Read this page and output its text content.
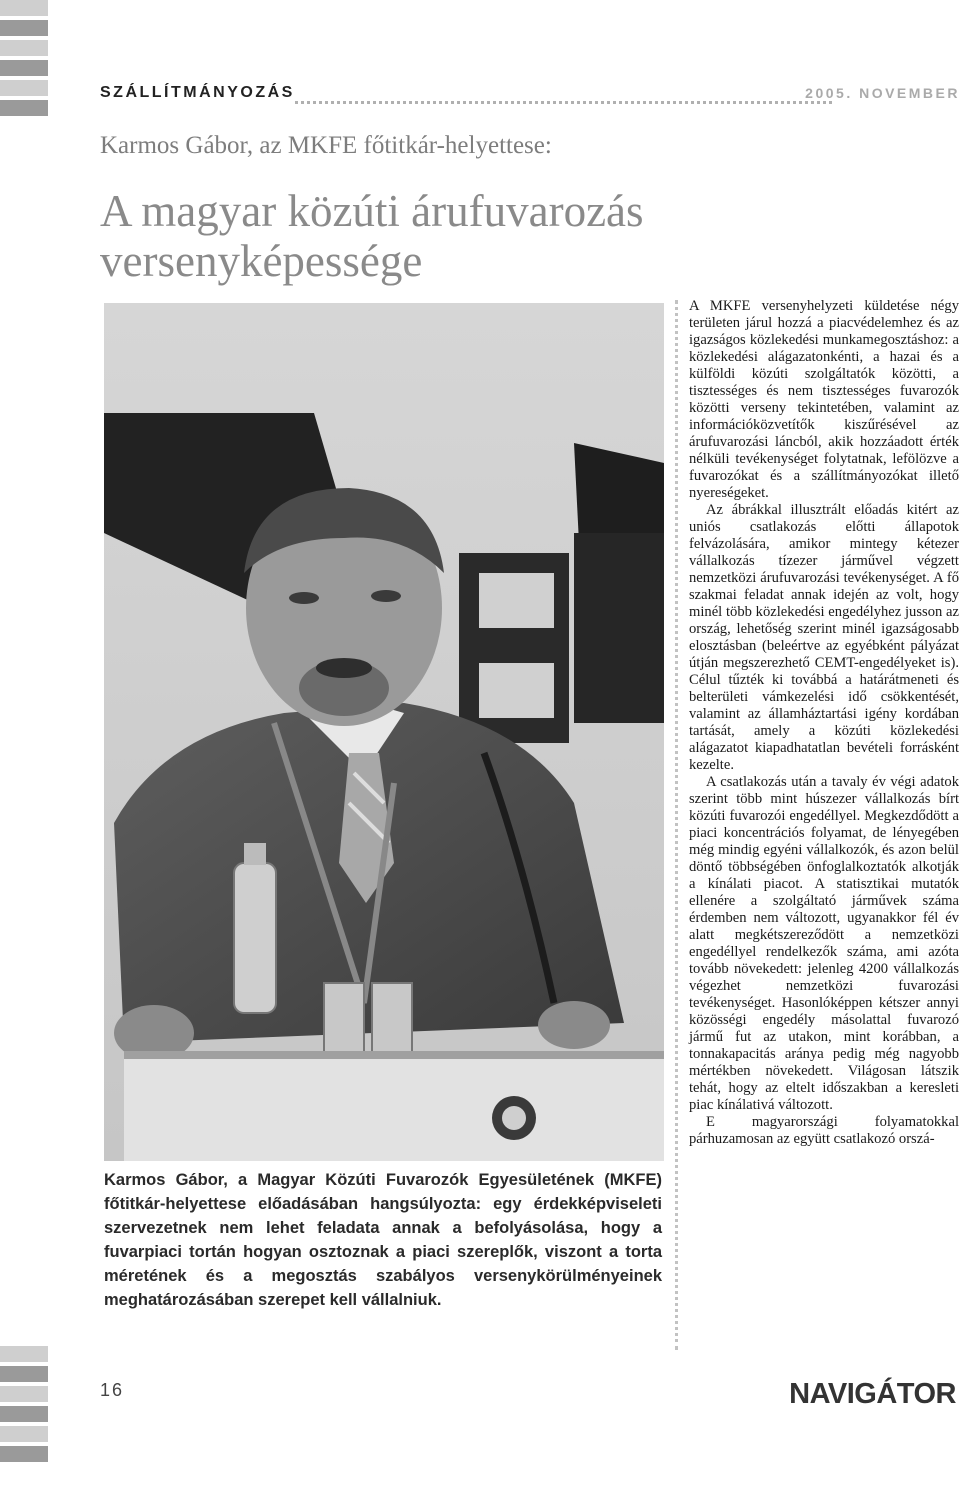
SZÁLLÍTMÁNYOZÁS	2005. NOVEMBER
Karmos Gábor, az MKFE főtitkár-helyettese:
A magyar közúti árufuvarozás versenyképessége

Karmos Gábor, a Magyar Közúti Fuvarozók Egyesületének (MKFE) főtitkár-helyettese előadásában hangsúlyozta: egy érdekképviseleti szervezetnek nem lehet feladata annak a befolyásolása, hogy a fuvarpiaci tortán hogyan osztoznak a piaci szereplők, viszont a torta méretének és a megosztás szabályos versenykörülményeinek meghatározásában szerepet kell vállalniuk.

A MKFE versenyhelyzeti küldetése négy területen járul hozzá a piacvédelemhez és az igazságos közlekedési munkamegosztáshoz: a közlekedési alágazatonkénti, a hazai és a külföldi közúti szolgáltatók közötti, a tisztességes és nem tisztességes fuvarozók közötti verseny tekintetében, valamint az információközvetítők kiszűrésével az árufuvarozási láncból, akik hozzáadott érték nélküli tevékenységet folytatnak, lefölözve a fuvarozókat és a szállítmányozókat illető nyereségeket.

Az ábrákkal illusztrált előadás kitért az uniós csatlakozás előtti állapotok felvázolására, amikor mintegy kétezer vállalkozás tízezer járművel végzett nemzetközi árufuvarozási tevékenységet. A fő szakmai feladat annak idején az volt, hogy minél több közlekedési engedélyhez jusson az ország, lehetőség szerint minél igazságosabb elosztásban (beleértve az egyébként pályázat útján megszerezhető CEMT-engedélyeket is). Célul tűzték ki továbbá a határátmeneti és belterületi vámkezelési idő csökkentését, valamint az államháztartási igény kordában tartását, amely a közúti közlekedési alágazatot kiapadhatatlan bevételi forrásként kezelte.

A csatlakozás után a tavaly év végi adatok szerint több mint húszezer vállalkozás bírt közúti fuvarozói engedéllyel. Megkezdődött a piaci koncentrációs folyamat, de lényegében még mindig egyéni vállalkozók, és azon belül döntő többségében önfoglalkoztatók alkotják a kínálati piacot. A statisztikai mutatók ellenére a szolgáltató járművek száma érdemben nem változott, ugyanakkor fél év alatt megkétszereződött a nemzetközi engedéllyel rendelkezők száma, ami azóta tovább növekedett: jelenleg 4200 vállalkozás végezhet nemzetközi fuvarozási tevékenységet. Hasonlóképpen kétszer annyi közösségi engedély másolattal fuvarozó jármű fut az utakon, mint korábban, a tonnakapacitás aránya pedig még nagyobb mértékben növekedett. Világosan látszik tehát, hogy az eltelt időszakban a keresleti piac kínálativá változott.

E magyarországi folyamatokkal párhuzamosan az együtt csatlakozó orszá-

16	NAVIGÁTOR
